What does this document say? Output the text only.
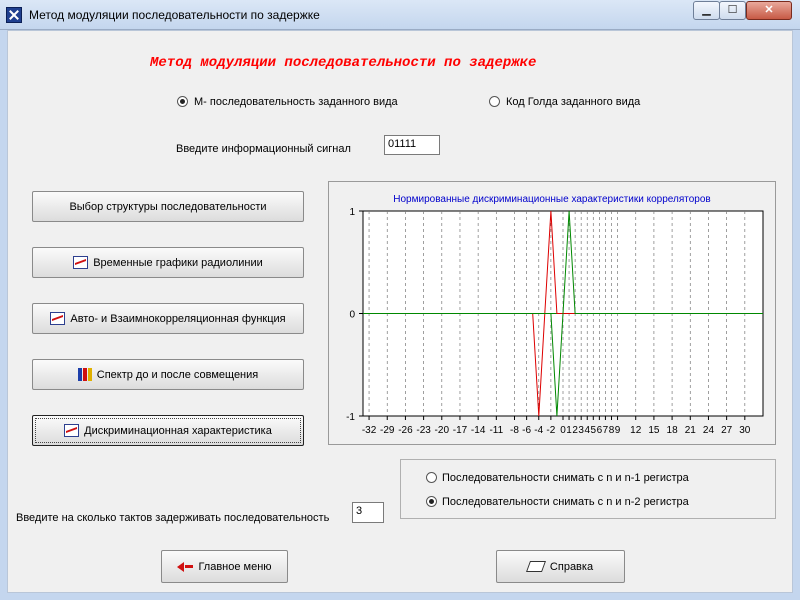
Метод модуляции последовательности по задержке	▁	☐	✕
Метод модуляции последовательности по задержке
М- последовательность заданного вида	Код Голда заданного вида
Введите информационный сигнал	01111
Выбор структуры последовательности
Временные графики радиолинии
Авто- и Взаимнокорреляционная функция
Спектр до и после совмещения
Дискриминационная характеристика
Нормированные дискриминационные характеристики корреляторов
-32 -29 -26 -23 -20 -17 -14 -11 -8 -6 -4 -2 0 1 2 3 4 5 6 7 8 9 12 15 18 21 24 27 30
1
0
-1
Последовательности снимать с n и n-1 регистра
Последовательности снимать с n и n-2 регистра
Введите на сколько тактов задерживать последовательность
3
Главное меню	Справка
